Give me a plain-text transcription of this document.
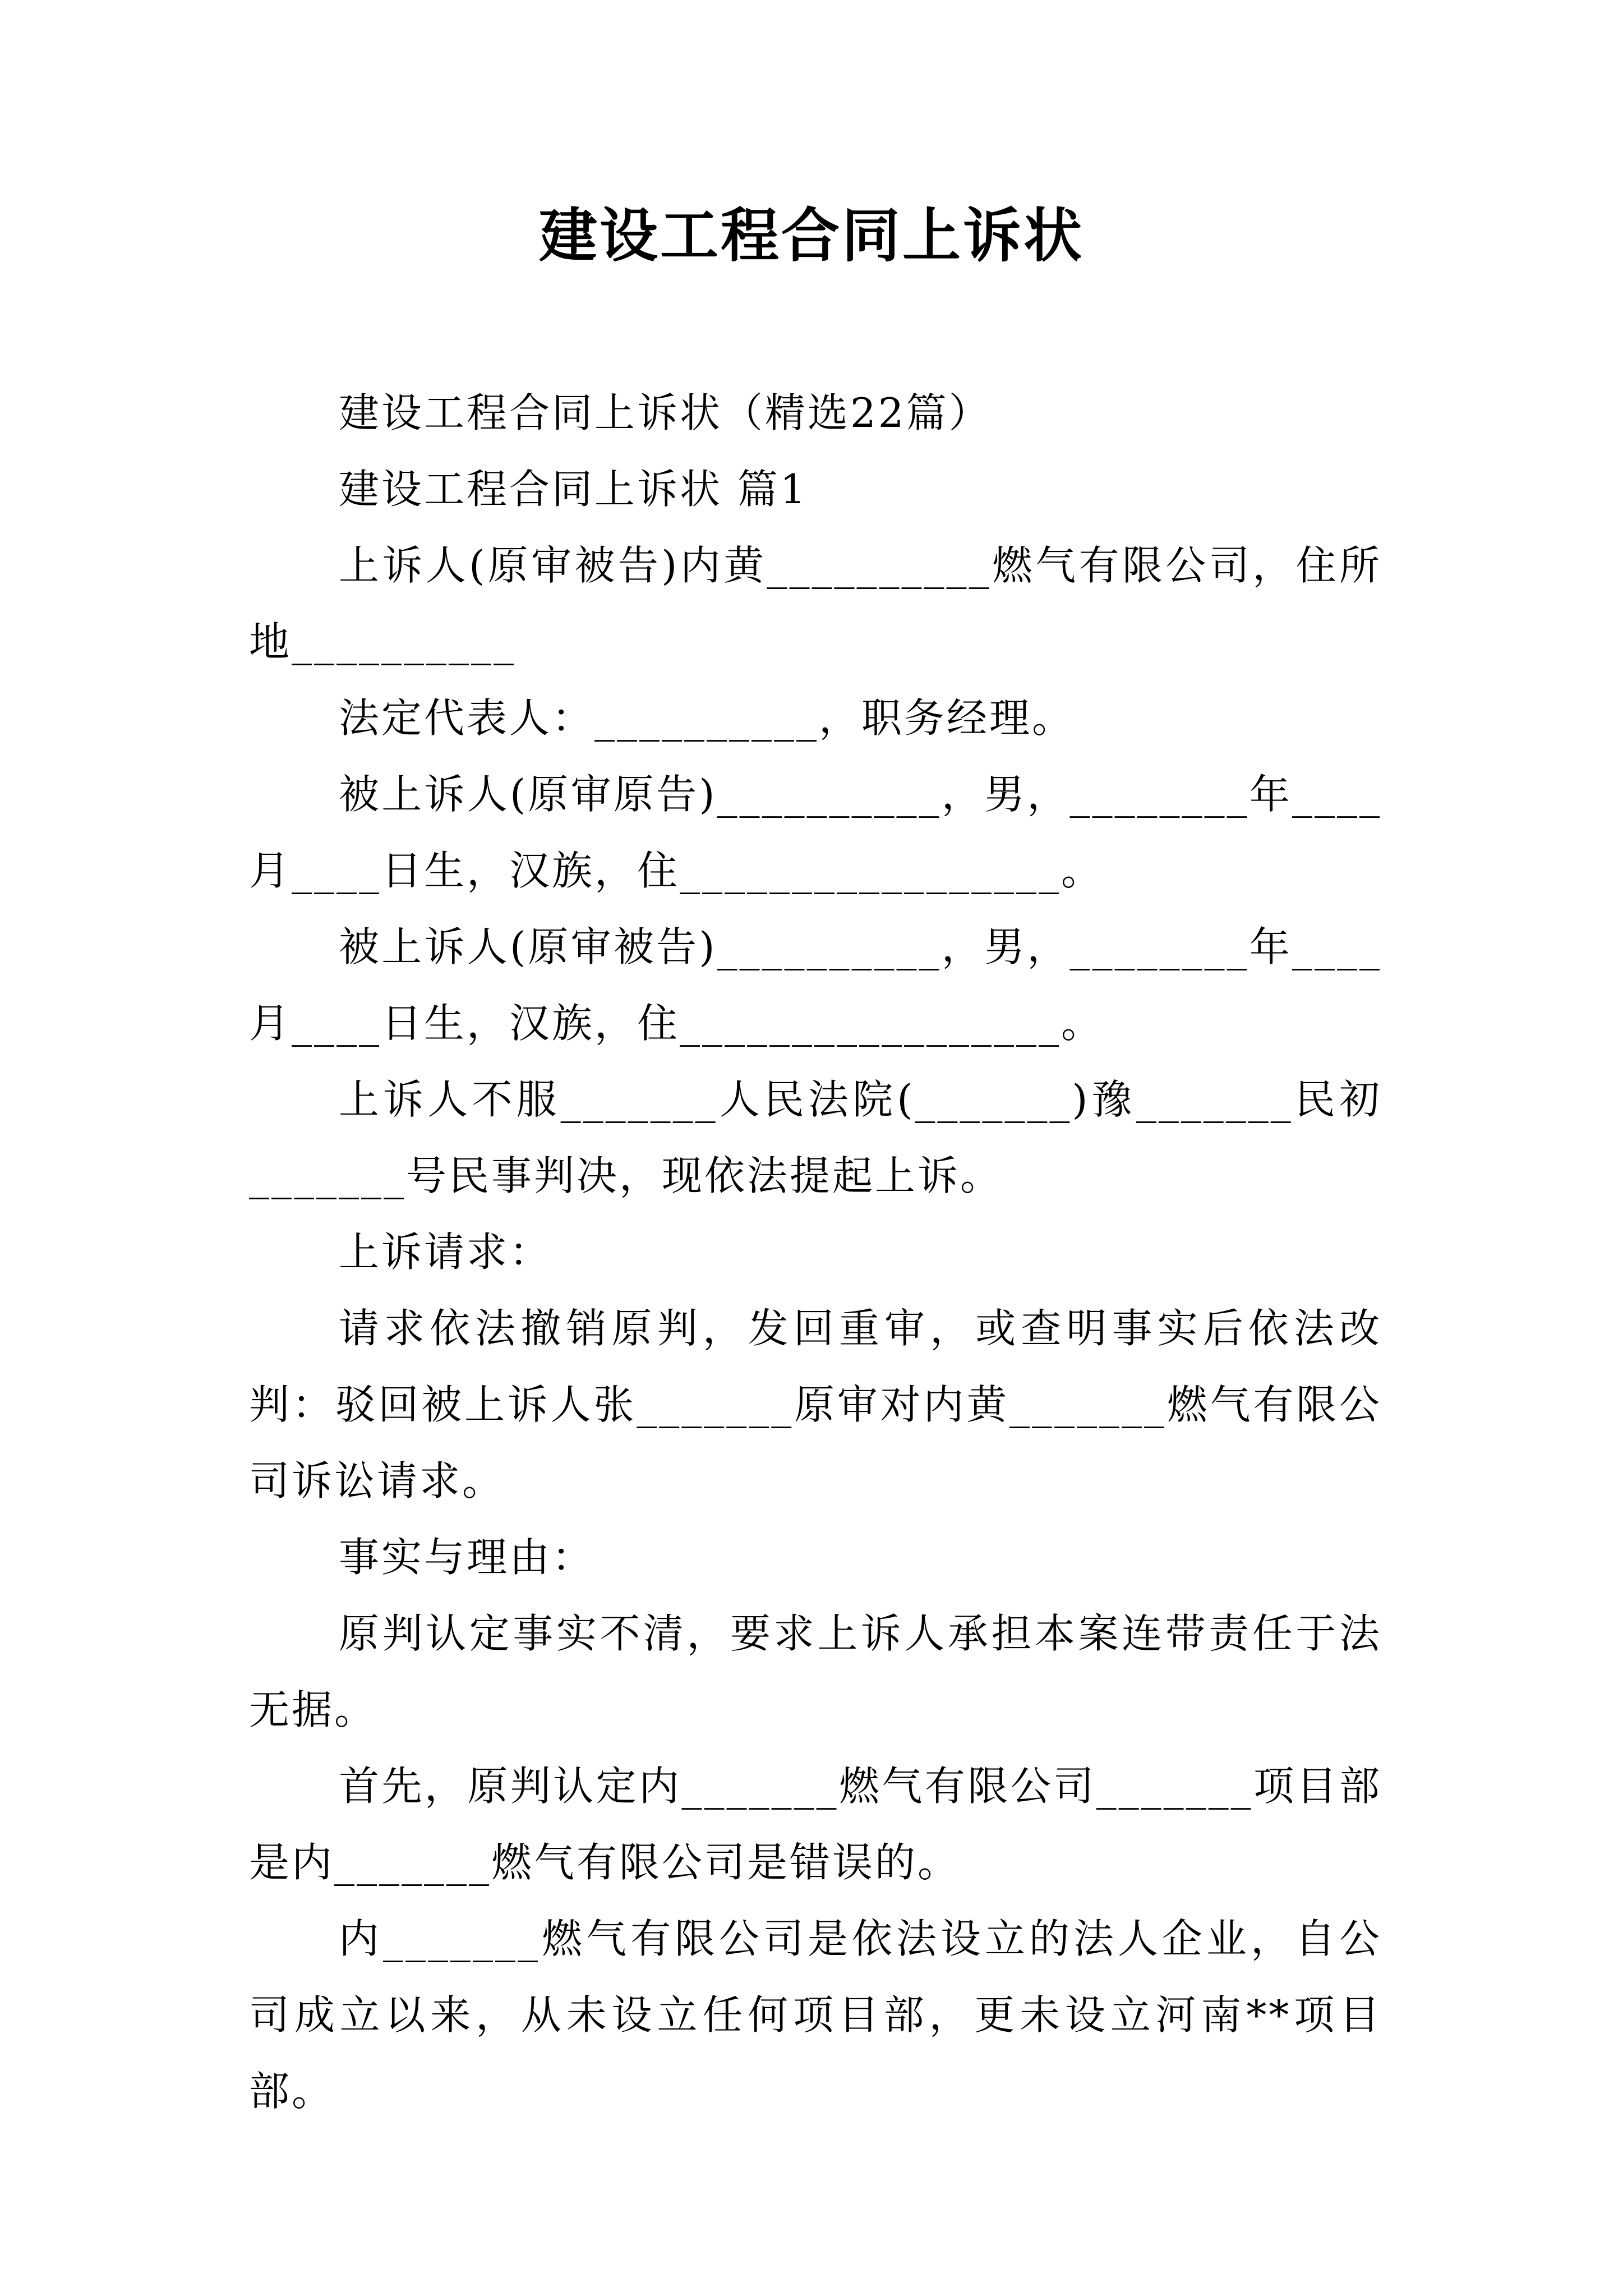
建设工程合同上诉状

建设工程合同上诉状（精选22篇）

建设工程合同上诉状 篇1

上诉人(原审被告)内黄__________燃气有限公司，住所地__________

法定代表人：__________，职务经理。

被上诉人(原审原告)__________，男，________年____月____日生，汉族，住_________________。

被上诉人(原审被告)__________，男，________年____月____日生，汉族，住_________________。

上诉人不服_______人民法院(_______)豫_______民初_______号民事判决，现依法提起上诉。

上诉请求：

请求依法撤销原判，发回重审，或查明事实后依法改判：驳回被上诉人张_______原审对内黄_______燃气有限公司诉讼请求。

事实与理由：

原判认定事实不清，要求上诉人承担本案连带责任于法无据。

首先，原判认定内_______燃气有限公司_______项目部是内_______燃气有限公司是错误的。

内_______燃气有限公司是依法设立的法人企业，自公司成立以来，从未设立任何项目部，更未设立河南**项目部。
